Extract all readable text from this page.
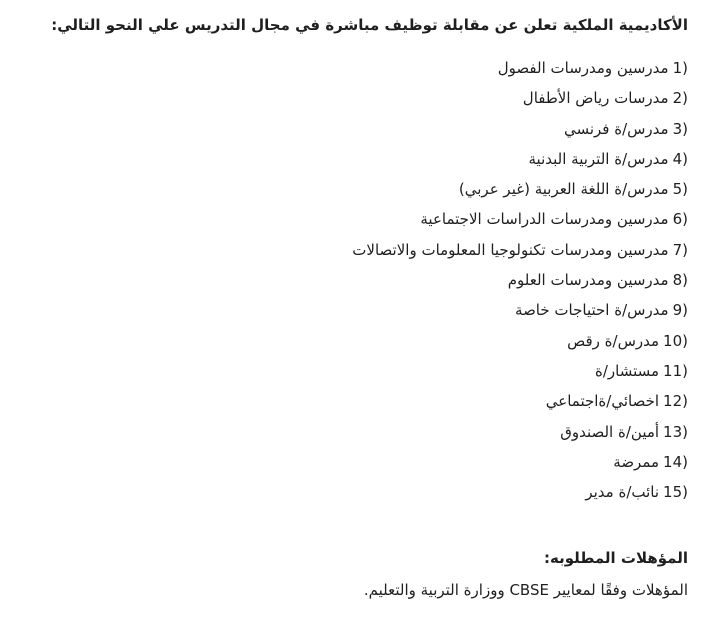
الأكاديمية الملكية تعلن عن مقابلة توظيف مباشرة في مجال التدريس علي النحو التالي:

1)مدرسين ومدرسات الفصول
2)مدرسات رياض الأطفال
3)مدرس/ة فرنسي
4)مدرس/ة التربية البدنية
5)مدرس/ة اللغة العربية (غير عربي)
6)مدرسين ومدرسات الدراسات الاجتماعية
7)مدرسين ومدرسات تكنولوجيا المعلومات والاتصالات
8)مدرسين ومدرسات العلوم
9)مدرس/ة احتياجات خاصة
10)مدرس/ة رقص
11)مستشار/ة
12)اخصائي/ةاجتماعي
13)أمين/ة الصندوق
14)ممرضة
15)نائب/ة مدير

المؤهلات المطلوبه:

المؤهلات وفقًا لمعايير CBSE ووزارة التربية والتعليم.
